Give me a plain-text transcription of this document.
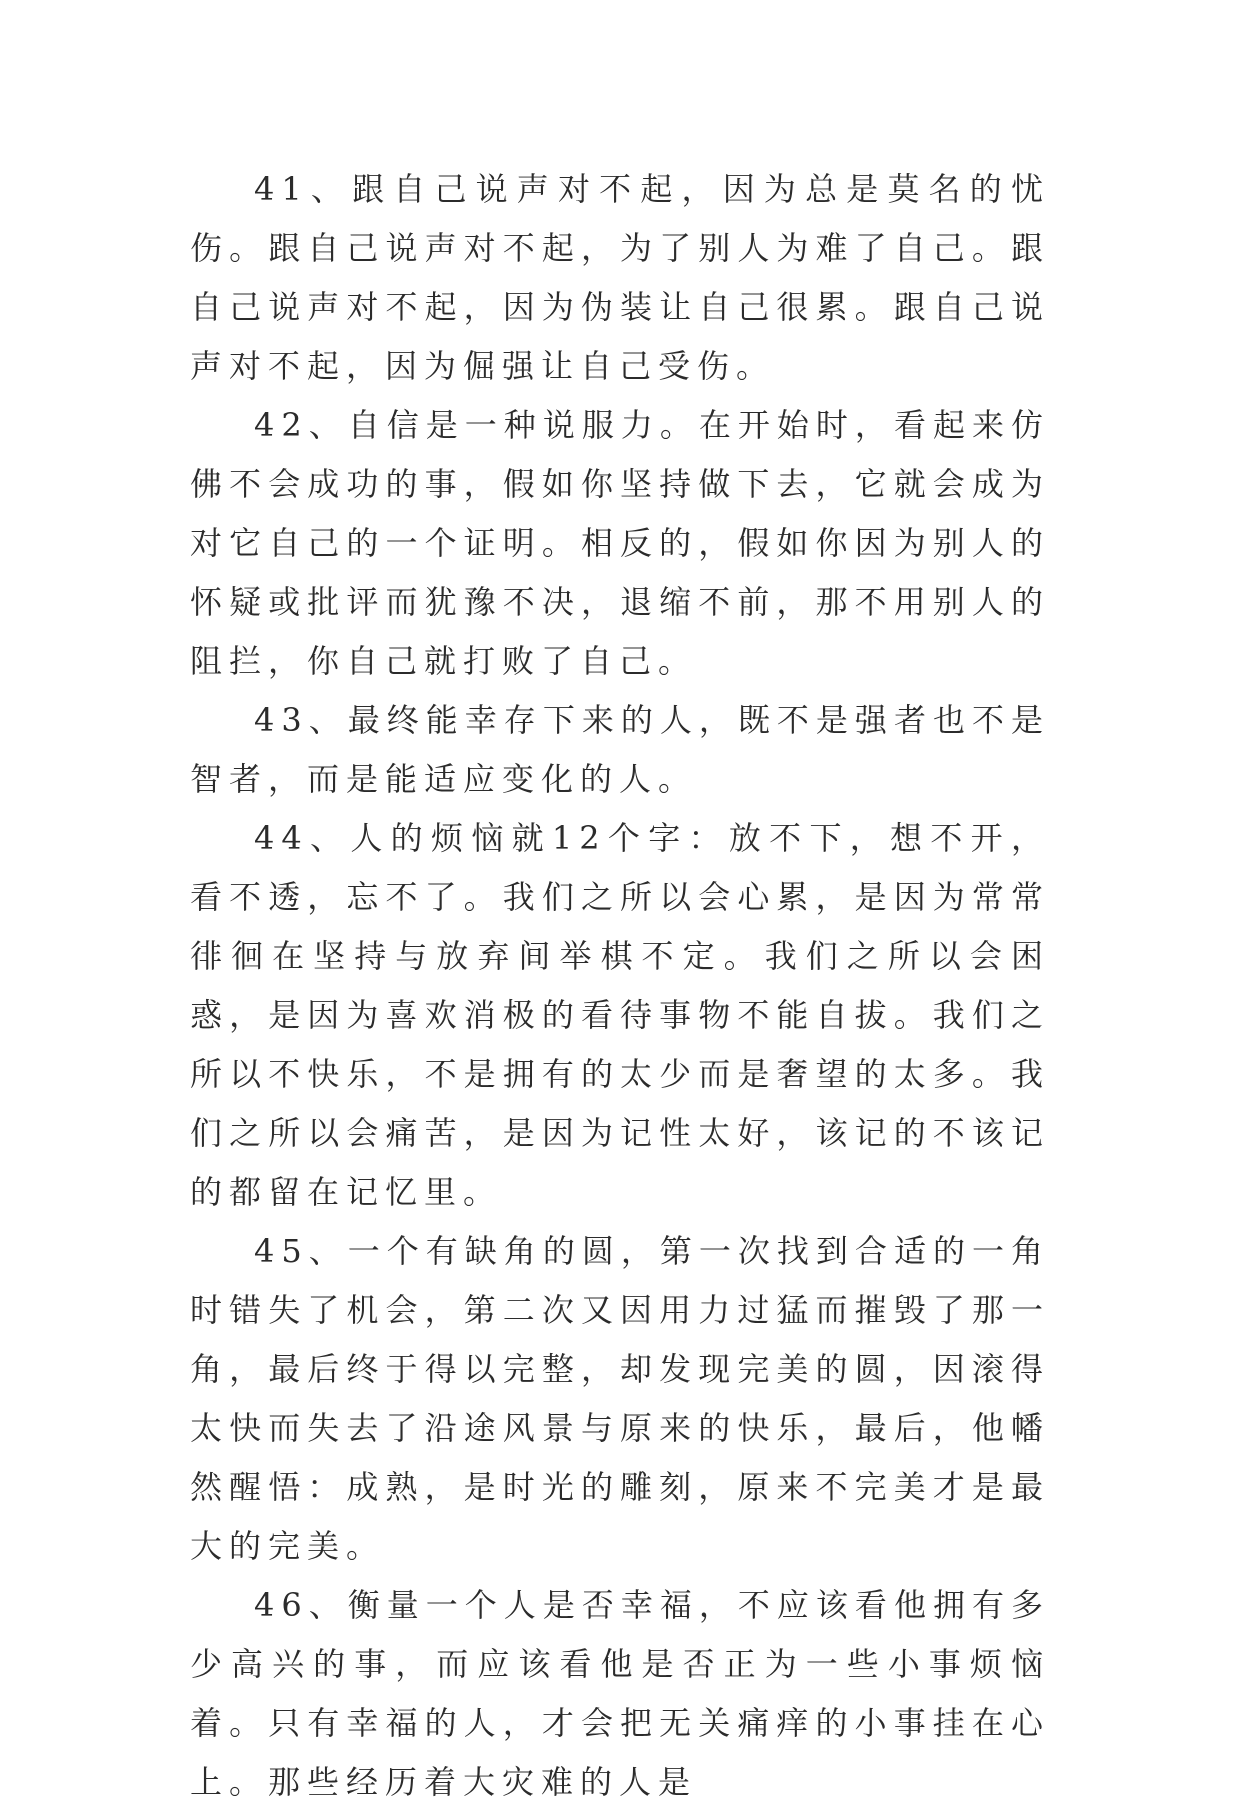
41、跟自己说声对不起，因为总是莫名的忧伤。跟自己说声对不起，为了别人为难了自己。跟自己说声对不起，因为伪装让自己很累。跟自己说声对不起，因为倔强让自己受伤。

42、自信是一种说服力。在开始时，看起来仿佛不会成功的事，假如你坚持做下去，它就会成为对它自己的一个证明。相反的，假如你因为别人的怀疑或批评而犹豫不决，退缩不前，那不用别人的阻拦，你自己就打败了自己。

43、最终能幸存下来的人，既不是强者也不是智者，而是能适应变化的人。

44、人的烦恼就12个字：放不下，想不开，看不透，忘不了。我们之所以会心累，是因为常常徘徊在坚持与放弃间举棋不定。我们之所以会困惑，是因为喜欢消极的看待事物不能自拔。我们之所以不快乐，不是拥有的太少而是奢望的太多。我们之所以会痛苦，是因为记性太好，该记的不该记的都留在记忆里。

45、一个有缺角的圆，第一次找到合适的一角时错失了机会，第二次又因用力过猛而摧毁了那一角，最后终于得以完整，却发现完美的圆，因滚得太快而失去了沿途风景与原来的快乐，最后，他幡然醒悟：成熟，是时光的雕刻，原来不完美才是最大的完美。

46、衡量一个人是否幸福，不应该看他拥有多少高兴的事，而应该看他是否正为一些小事烦恼着。只有幸福的人，才会把无关痛痒的小事挂在心上。那些经历着大灾难的人是
